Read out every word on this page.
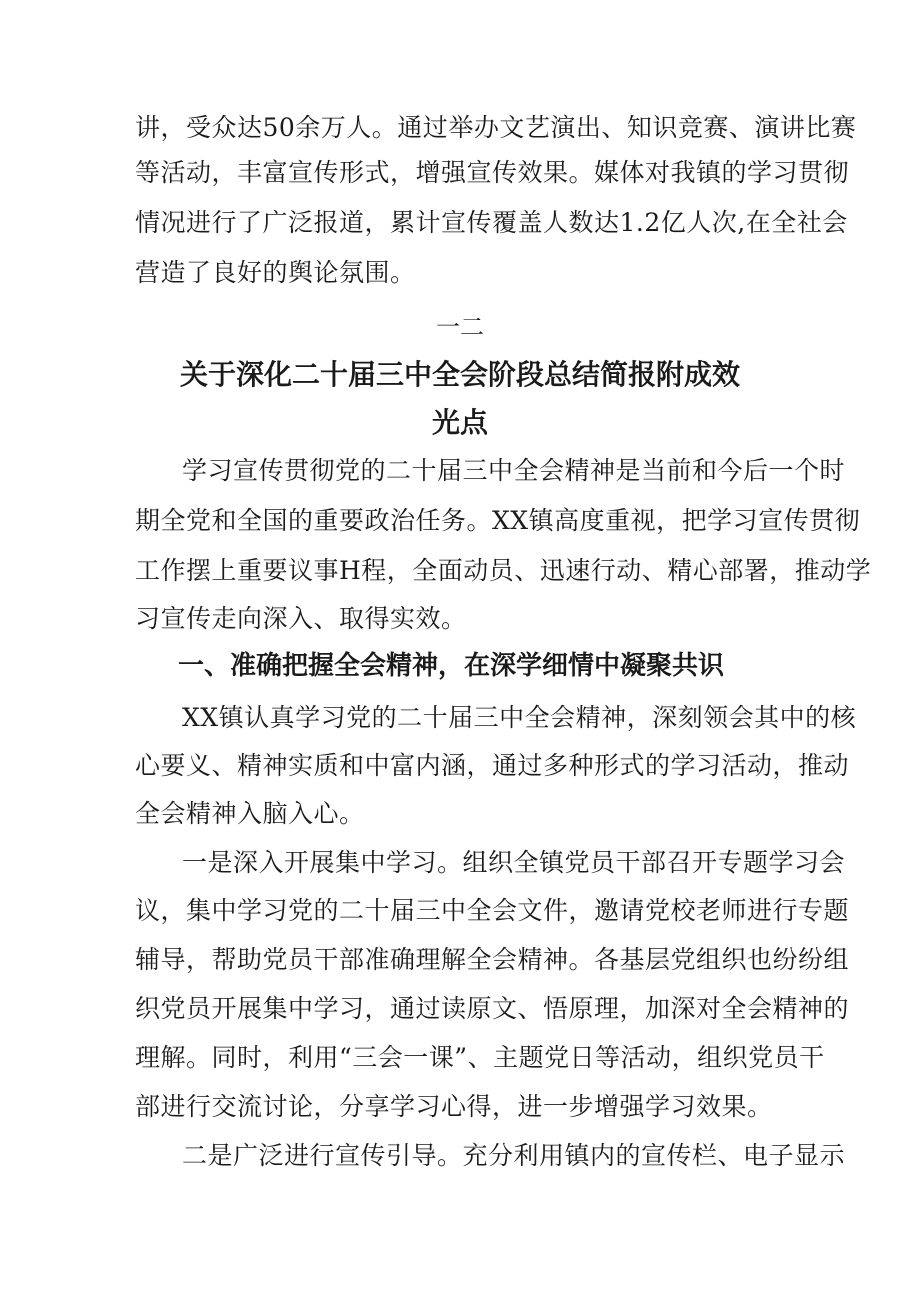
讲，受众达50余万人。通过举办文艺演出、知识竞赛、演讲比赛
等活动，丰富宣传形式，增强宣传效果。媒体对我镇的学习贯彻
情况进行了广泛报道，累计宣传覆盖人数达1.2亿人次,在全社会
营造了良好的舆论氛围。
一二
关于深化二十届三中全会阶段总结简报附成效
光点
学习宣传贯彻党的二十届三中全会精神是当前和今后一个时
期全党和全国的重要政治任务。XX镇高度重视，把学习宣传贯彻
工作摆上重要议事H程，全面动员、迅速行动、精心部署，推动学
习宣传走向深入、取得实效。
一、准确把握全会精神，在深学细情中凝聚共识
XX镇认真学习党的二十届三中全会精神，深刻领会其中的核
心要义、精神实质和中富内涵，通过多种形式的学习活动，推动
全会精神入脑入心。
一是深入开展集中学习。组织全镇党员干部召开专题学习会
议，集中学习党的二十届三中全会文件，邀请党校老师进行专题
辅导，帮助党员干部准确理解全会精神。各基层党组织也纷纷组
织党员开展集中学习，通过读原文、悟原理，加深对全会精神的
理解。同时，利用“三会一课”、主题党日等活动，组织党员干
部进行交流讨论，分享学习心得，进一步增强学习效果。
二是广泛进行宣传引导。充分利用镇内的宣传栏、电子显示
